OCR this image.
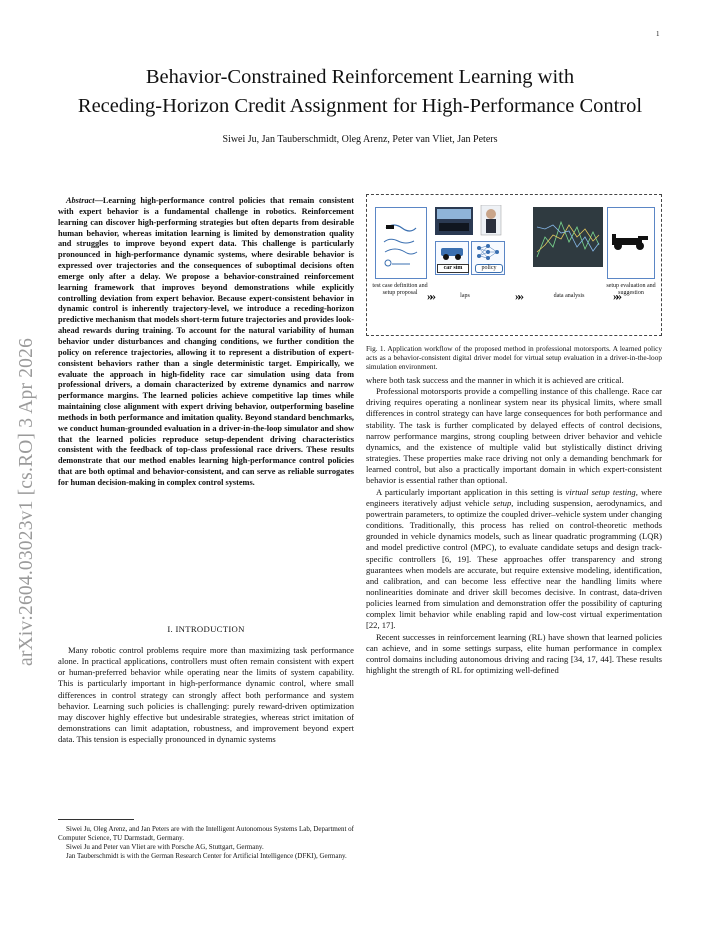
1
Behavior-Constrained Reinforcement Learning with
Receding-Horizon Credit Assignment for High-Performance Control
Siwei Ju, Jan Tauberschmidt, Oleg Arenz, Peter van Vliet, Jan Peters
arXiv:2604.03023v1 [cs.RO] 3 Apr 2026

Abstract—Learning high-performance control policies that remain consistent with expert behavior is a fundamental challenge in robotics. Reinforcement learning can discover high-performing strategies but often departs from desirable human behavior, whereas imitation learning is limited by demonstration quality and struggles to improve beyond expert data. This challenge is particularly pronounced in high-performance dynamic systems, where desirable behavior is expressed over trajectories and the consequences of suboptimal decisions often emerge only after a delay. We propose a behavior-constrained reinforcement learning framework that improves beyond demonstrations while explicitly controlling deviation from expert behavior. Because expert-consistent behavior in dynamic control is inherently trajectory-level, we introduce a receding-horizon predictive mechanism that models short-term future trajectories and provides look-ahead rewards during training. To account for the natural variability of human behavior under disturbances and changing conditions, we further condition the policy on reference trajectories, allowing it to represent a distribution of expert-consistent behaviors rather than a single deterministic target. Empirically, we evaluate the approach in high-fidelity race car simulation using data from professional drivers, a domain characterized by extreme dynamics and narrow performance margins. The learned policies achieve competitive lap times while maintaining close alignment with expert driving behavior, outperforming baseline methods in both performance and imitation quality. Beyond standard benchmarks, we conduct human-grounded evaluation in a driver-in-the-loop simulator and show that the learned policies reproduce setup-dependent driving characteristics consistent with the feedback of top-class professional race drivers. These results demonstrate that our method enables learning high-performance control policies that are both optimal and behavior-consistent, and can serve as reliable surrogates for human decision-making in complex control systems.

I. INTRODUCTION

Many robotic control problems require more than maximizing task performance alone. In practical applications, controllers must often remain consistent with expert or human-preferred behavior while operating near the limits of system capability. This is particularly important in high-performance dynamic control, where small differences in control strategy can strongly affect both performance and system behavior. Learning such policies is challenging: purely reward-driven optimization may discover highly effective but undesirable strategies, whereas strict imitation of demonstrations can limit adaptation, robustness, and improvement beyond expert data. This tension is especially pronounced in dynamic systems

Siwei Ju, Oleg Arenz, and Jan Peters are with the Intelligent Autonomous Systems Lab, Department of Computer Science, TU Darmstadt, Germany.

Siwei Ju and Peter van Vliet are with Porsche AG, Stuttgart, Germany.

Jan Tauberschmidt is with the German Research Center for Artificial Intelligence (DFKI), Germany.

test case definition and setup proposal »»
car sim	policy
laps	»»	data analysis	»»
setup evaluation and suggestion
Fig. 1. Application workflow of the proposed method in professional motorsports. A learned policy acts as a behavior-consistent digital driver model for virtual setup evaluation in a driver-in-the-loop simulation environment.

where both task success and the manner in which it is achieved are critical.

Professional motorsports provide a compelling instance of this challenge. Race car driving requires operating a nonlinear system near its physical limits, where small differences in control strategy can have large consequences for both performance and stability. The task is further complicated by delayed effects of control decisions, narrow performance margins, strong coupling between driver behavior and vehicle dynamics, and the existence of multiple valid but stylistically distinct driving strategies. These properties make race driving not only a demanding benchmark for learned control, but also a practically important domain in which expert-consistent behavior is essential rather than optional.

A particularly important application in this setting is virtual setup testing, where engineers iteratively adjust vehicle setup, including suspension, aerodynamics, and powertrain parameters, to optimize the coupled driver–vehicle system under changing conditions. Traditionally, this process has relied on control-theoretic methods grounded in vehicle dynamics models, such as linear quadratic programming (LQR) and model predictive control (MPC), to evaluate candidate setups and design track-specific controllers [6, 19]. These approaches offer transparency and strong guarantees when models are accurate, but require extensive modeling, identification, and calibration, and can become less effective near the handling limits where nonlinearities dominate and driver skill becomes decisive. In contrast, data-driven policies learned from simulation and demonstration offer the possibility of capturing complex limit behavior while enabling rapid and low-cost virtual experimentation [22, 17].

Recent successes in reinforcement learning (RL) have shown that learned policies can achieve, and in some settings surpass, elite human performance in complex control domains including autonomous driving and racing [34, 17, 44]. These results highlight the strength of RL for optimizing well-defined
